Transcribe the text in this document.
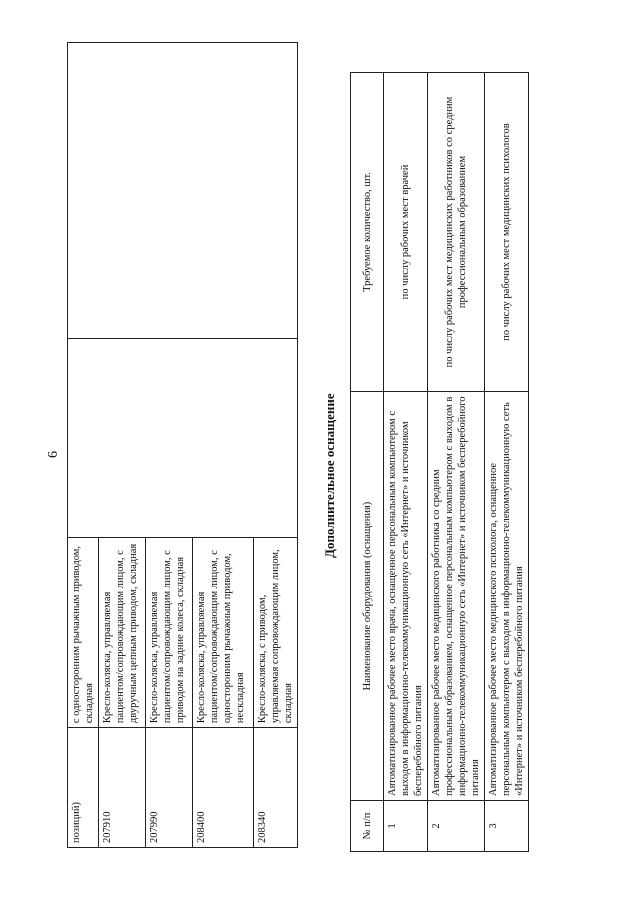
6
позиций)	с односторонним рычажным приводом, складная		
207910	Кресло-коляска, управляемая пациентом/сопровождающим лицом, с двуручным цепным приводом, складная		
207990	Кресло-коляска, управляемая пациентом/сопровождающим лицом, с приводом на задние колеса, складная		
208400	Кресло-коляска, управляемая пациентом/сопровождающим лицом, с односторонним рычажным приводом, нескладная		
208340	Кресло-коляска, с приводом, управляемая сопровождающим лицом, складная		
Дополнительное оснащение
№ п/п	Наименование оборудования (оснащения)	Требуемое количество, шт.
1	Автоматизированное рабочее место врача, оснащенное персональным компьютером с выходом в информационно-телекоммуникационную сеть «Интернет» и источником бесперебойного питания	по числу рабочих мест врачей
2	Автоматизированное рабочее место медицинского работника со средним профессиональным образованием, оснащенное персональным компьютером с выходом в информационно-телекоммуникационную сеть «Интернет» и источником бесперебойного питания	по числу рабочих мест медицинских работников со средним профессиональным образованием
3	Автоматизированное рабочее место медицинского психолога, оснащенное персональным компьютером с выходом в информационно-телекоммуникационную сеть «Интернет» и источником бесперебойного питания	по числу рабочих мест медицинских психологов
